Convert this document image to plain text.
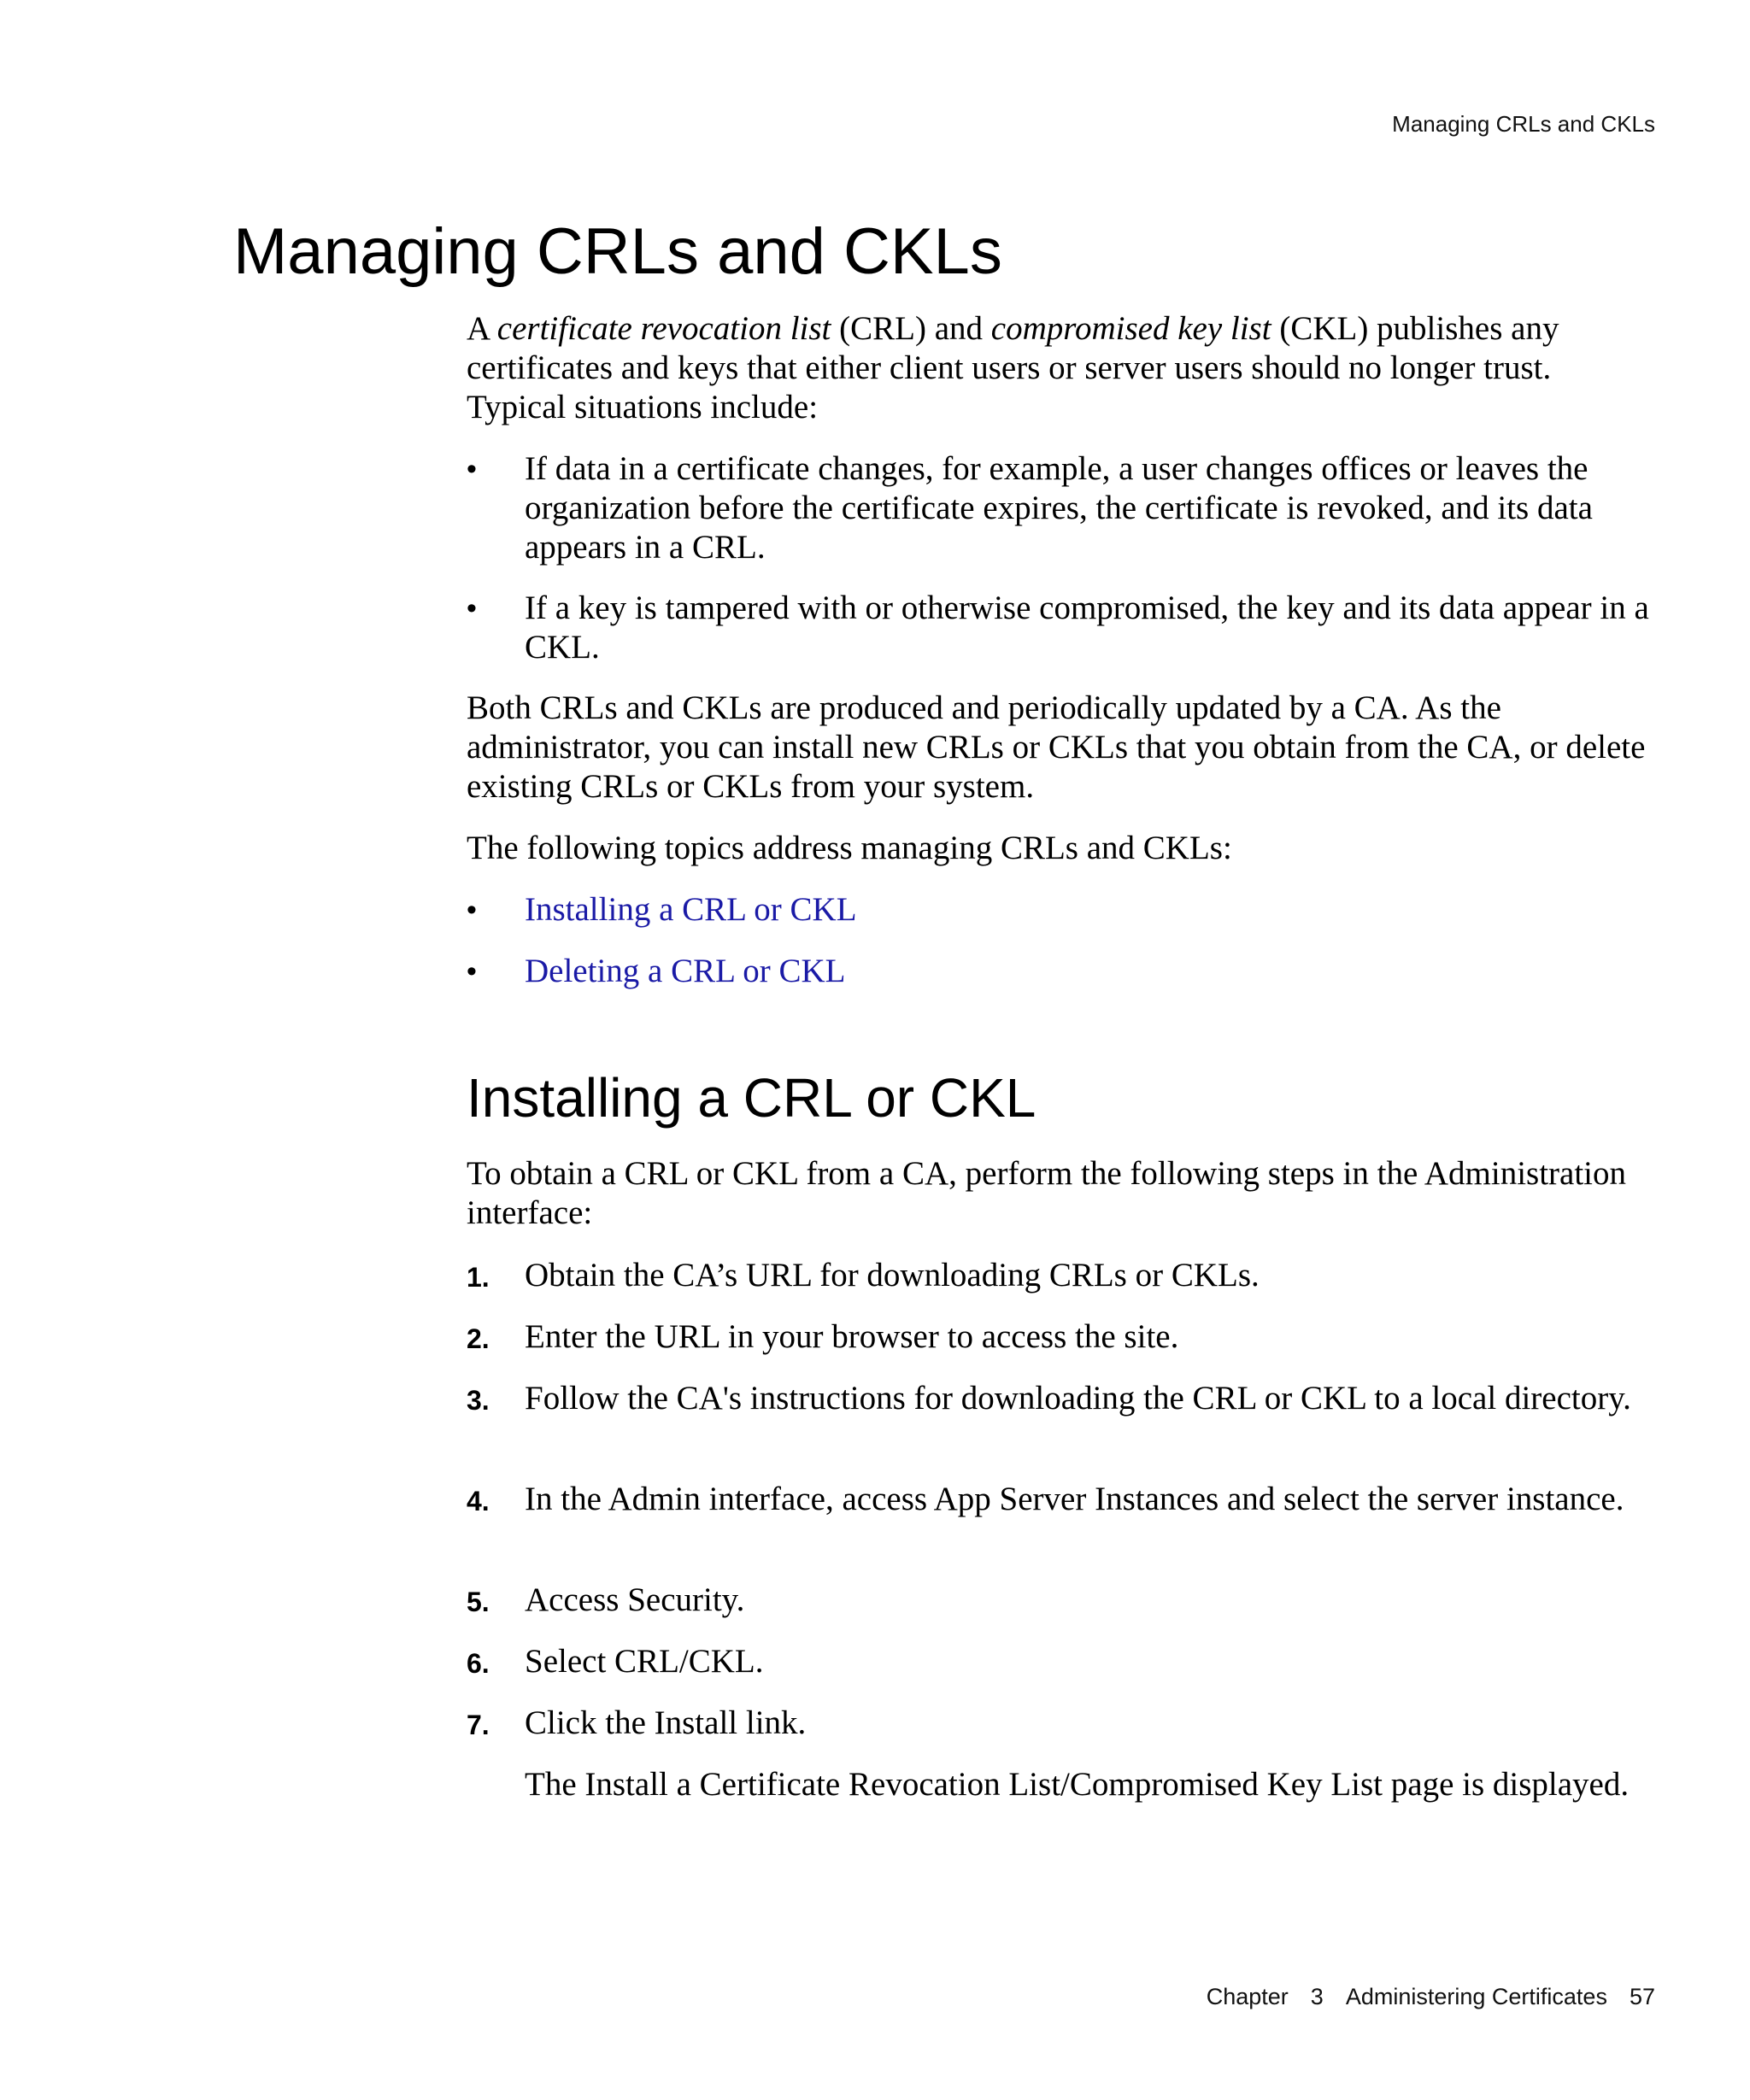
Managing CRLs and CKLs
Managing CRLs and CKLs

A certificate revocation list (CRL) and compromised key list (CKL) publishes any certificates and keys that either client users or server users should no longer trust. Typical situations include:

•	If data in a certificate changes, for example, a user changes offices or leaves the organization before the certificate expires, the certificate is revoked, and its data appears in a CRL.
•	If a key is tampered with or otherwise compromised, the key and its data appear in a CKL.

Both CRLs and CKLs are produced and periodically updated by a CA. As the administrator, you can install new CRLs or CKLs that you obtain from the CA, or delete existing CRLs or CKLs from your system.

The following topics address managing CRLs and CKLs:

•	Installing a CRL or CKL
•	Deleting a CRL or CKL
Installing a CRL or CKL

To obtain a CRL or CKL from a CA, perform the following steps in the Administration interface:

1.	Obtain the CA’s URL for downloading CRLs or CKLs.
2.	Enter the URL in your browser to access the site.
3.	Follow the CA's instructions for downloading the CRL or CKL to a local directory.
4.	In the Admin interface, access App Server Instances and select the server instance.
5.	Access Security.
6.	Select CRL/CKL.
7.	Click the Install link.
The Install a Certificate Revocation List/Compromised Key List page is displayed.
Chapter 3 Administering Certificates 57
